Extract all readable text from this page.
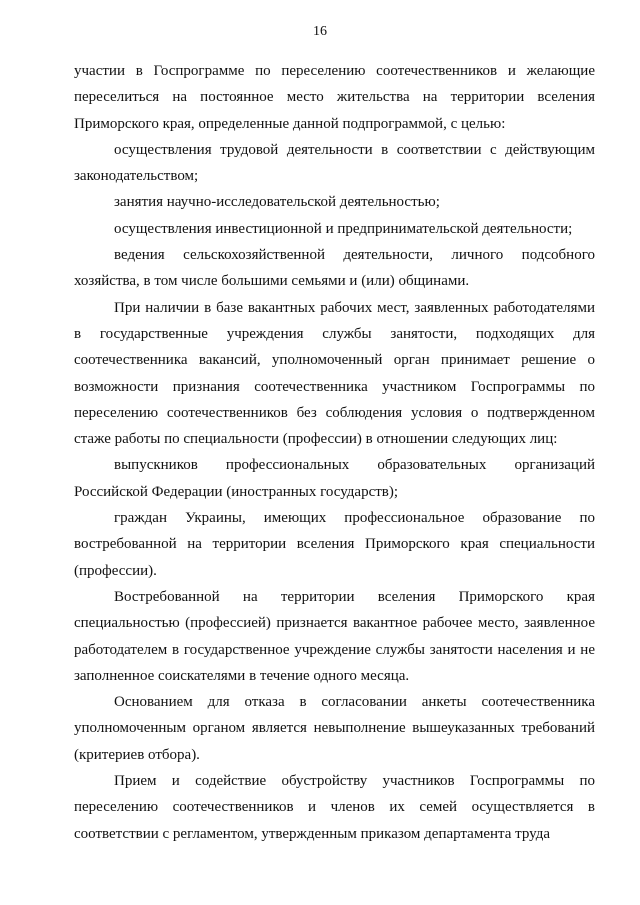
16

участии в Госпрограмме по переселению соотечественников и желающие переселиться на постоянное место жительства на территории вселения Приморского края, определенные данной подпрограммой, с целью:

осуществления трудовой деятельности в соответствии с действующим законодательством;

занятия научно-исследовательской деятельностью;

осуществления инвестиционной и предпринимательской деятельности;

ведения сельскохозяйственной деятельности, личного подсобного хозяйства, в том числе большими семьями и (или) общинами.

При наличии в базе вакантных рабочих мест, заявленных работодателями в государственные учреждения службы занятости, подходящих для соотечественника вакансий, уполномоченный орган принимает решение о возможности признания соотечественника участником Госпрограммы по переселению соотечественников без соблюдения условия о подтвержденном стаже работы по специальности (профессии) в отношении следующих лиц:

выпускников профессиональных образовательных организаций Российской Федерации (иностранных государств);

граждан Украины, имеющих профессиональное образование по востребованной на территории вселения Приморского края специальности (профессии).

Востребованной на территории вселения Приморского края специальностью (профессией) признается вакантное рабочее место, заявленное работодателем в государственное учреждение службы занятости населения и не заполненное соискателями в течение одного месяца.

Основанием для отказа в согласовании анкеты соотечественника уполномоченным органом является невыполнение вышеуказанных требований (критериев отбора).

Прием и содействие обустройству участников Госпрограммы по переселению соотечественников и членов их семей осуществляется в соответствии с регламентом, утвержденным приказом департамента труда
